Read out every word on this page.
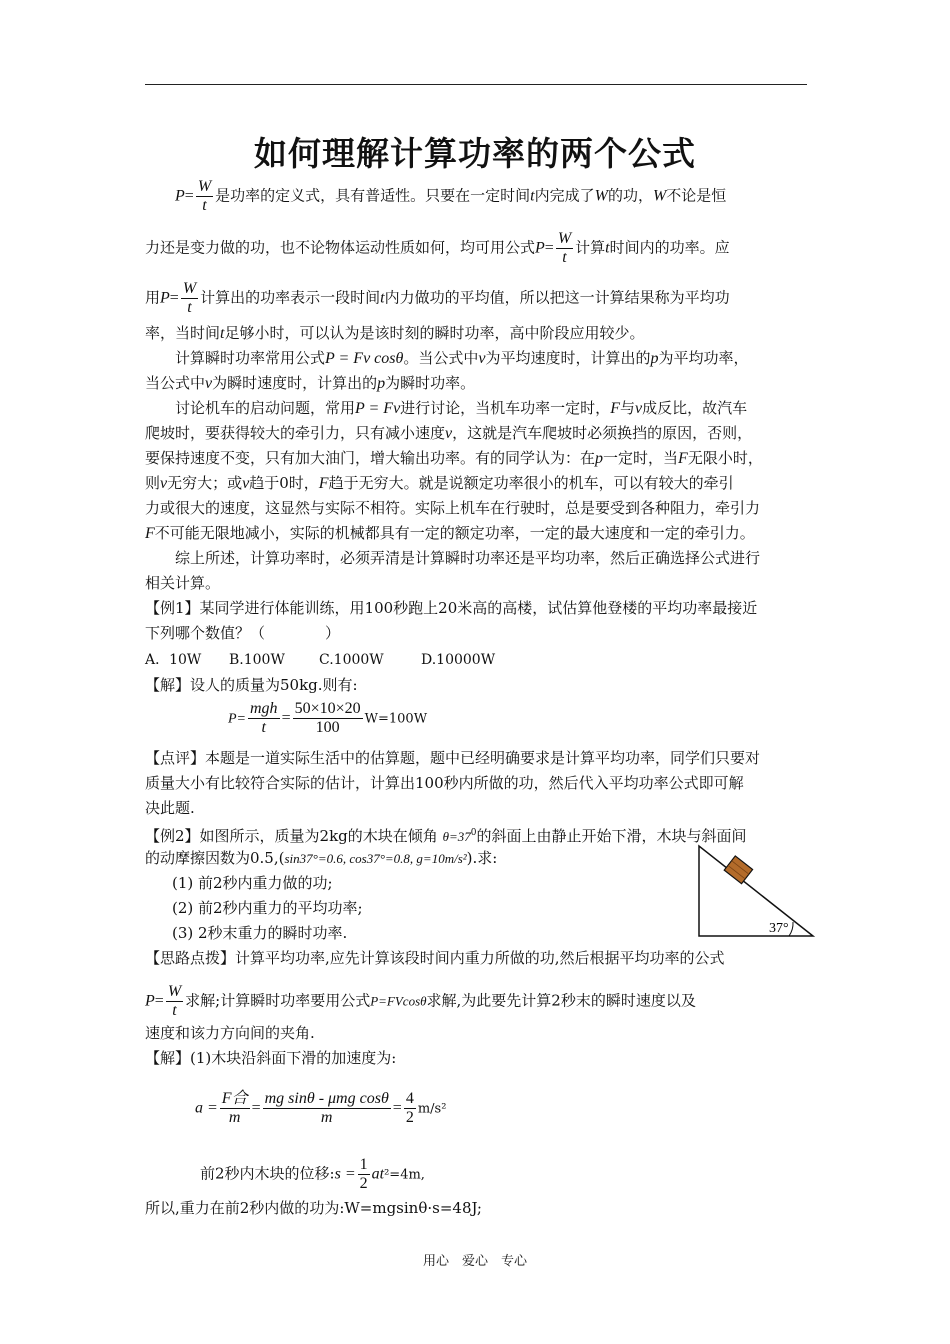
如何理解计算功率的两个公式
$P= \frac{W}{t}$ 是功率的定义式，具有普适性。只要在一定时间t内完成了W的功，W不论是恒
力还是变力做的功，也不论物体运动性质如何，均可用公式$P= \frac{W}{t}$ 计算t时间内的功率。应
用$P= \frac{W}{t}$ 计算出的功率表示一段时间t内力做功的平均值，所以把这一计算结果称为平均功
率，当时间t足够小时，可以认为是该时刻的瞬时功率，高中阶段应用较少。
计算瞬时功率常用公式P = Fv cosθ。当公式中v为平均速度时，计算出的p为平均功率，
当公式中v为瞬时速度时，计算出的p为瞬时功率。
讨论机车的启动问题，常用P = Fv进行讨论，当机车功率一定时，F与v成反比，故汽车
爬坡时，要获得较大的牵引力，只有减小速度v，这就是汽车爬坡时必须换挡的原因，否则，
要保持速度不变，只有加大油门，增大输出功率。有的同学认为：在p一定时，当F无限小时，
则v无穷大；或v趋于0时，F趋于无穷大。就是说额定功率很小的机车，可以有较大的牵引
力或很大的速度，这显然与实际不相符。实际上机车在行驶时，总是要受到各种阻力，牵引力
F不可能无限地减小，实际的机械都具有一定的额定功率，一定的最大速度和一定的牵引力。
综上所述，计算功率时，必须弄清是计算瞬时功率还是平均功率，然后正确选择公式进行
相关计算。
【例1】某同学进行体能训练，用100秒跑上20米高的高楼，试估算他登楼的平均功率最接近
下列哪个数值？（　　　　）
A．10W B.100W C.1000W	D.10000W
【解】设人的质量为50kg.则有:
$P= \frac{\text{mgh}}{t} = \frac{50\times 10\times 20}{100} W=100W$
【点评】本题是一道实际生活中的估算题，题中已经明确要求是计算平均功率，同学们只要对
质量大小有比较符合实际的估计，计算出100秒内所做的功，然后代入平均功率公式即可解
决此题.
【例2】如图所示，质量为2kg的木块在倾角 $\theta=37^0$的斜面上由静止开始下滑，木块与斜面间
的动摩擦因数为0.5,(sin37°=0.6, cos37°=0.8, g=10m/s²).求:
(1) 前2秒内重力做的功;
(2) 前2秒内重力的平均功率;
(3) 2秒末重力的瞬时功率.	37°
【思路点拨】计算平均功率,应先计算该段时间内重力所做的功,然后根据平均功率的公式
$P= \frac{W}{t}$ 求解;计算瞬时功率要用公式P=FVcosθ求解,为此要先计算2秒末的瞬时速度以及
速度和该力方向间的夹角.
【解】(1)木块沿斜面下滑的加速度为:
$a = \frac{\text{F合}}{m} = \frac{\text{mg sinθ - μmg cosθ}}{m} = \frac{4}{2} m/s^2$
前2秒内木块的位移:s = $\frac{1}{2} at^2=4m$,
所以,重力在前2秒内做的功为:W=mgsinθ·s=48J;
用心　爱心　专心
